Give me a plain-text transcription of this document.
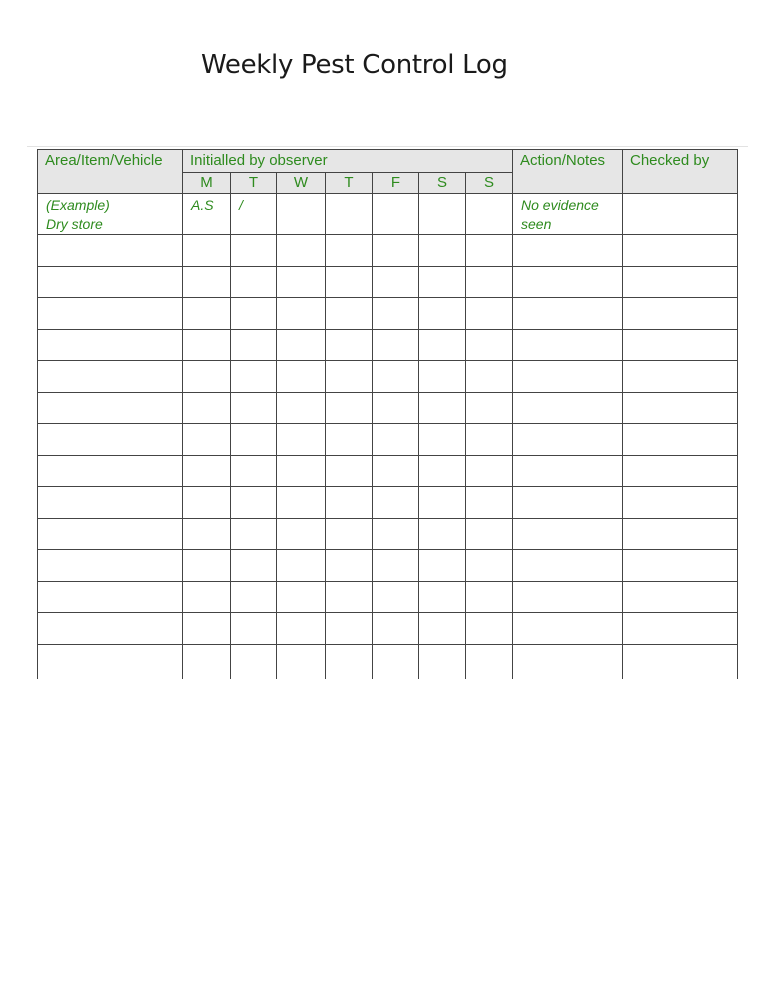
Weekly Pest Control Log
Area/Item/Vehicle	Initialled by observer							Action/Notes	Checked by
	M	T	W	T	F	S	S		

(Example)
Dry store	A.S	/						No evidence
seen	
